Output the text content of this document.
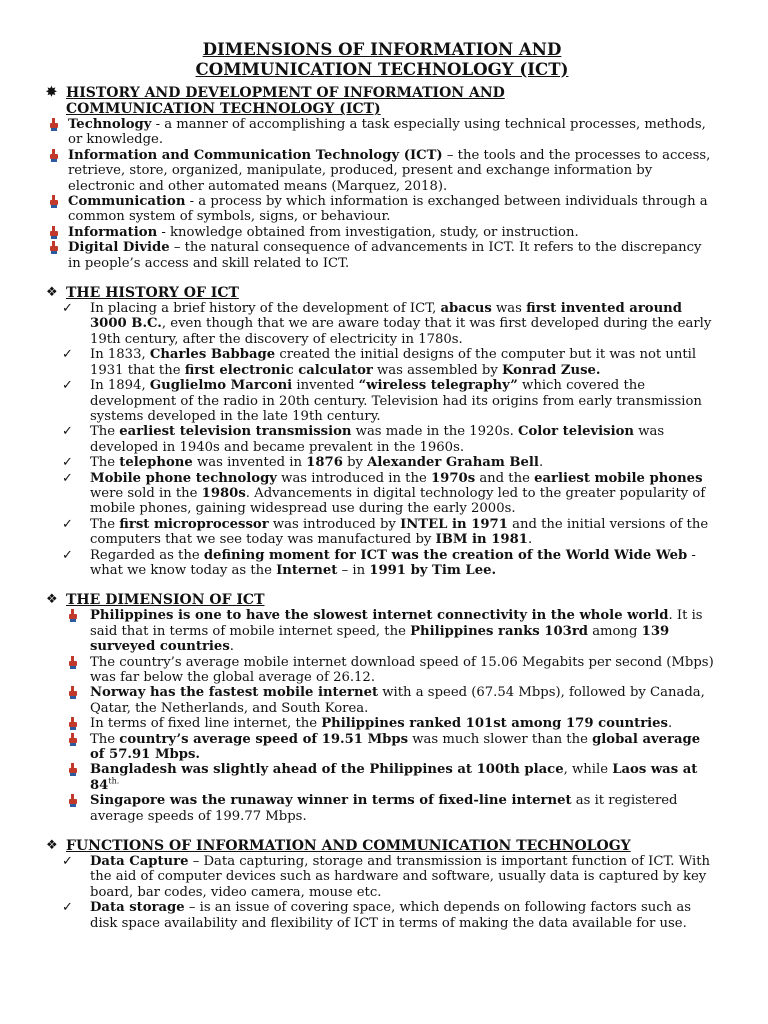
DIMENSIONS OF INFORMATION AND
COMMUNICATION TECHNOLOGY (ICT)
✸ HISTORY AND DEVELOPMENT OF INFORMATION AND
COMMUNICATION TECHNOLOGY (ICT)
Technology - a manner of accomplishing a task especially using technical processes, methods, or knowledge.
Information and Communication Technology (ICT) – the tools and the processes to access, retrieve, store, organized, manipulate, produced, present and exchange information by electronic and other automated means (Marquez, 2018).
Communication - a process by which information is exchanged between individuals through a common system of symbols, signs, or behaviour.
Information - knowledge obtained from investigation, study, or instruction.
Digital Divide – the natural consequence of advancements in ICT. It refers to the discrepancy in people’s access and skill related to ICT.
❖ THE HISTORY OF ICT
✓ In placing a brief history of the development of ICT, abacus was first invented around 3000 B.C., even though that we are aware today that it was first developed during the early 19th century, after the discovery of electricity in 1780s.
✓ In 1833, Charles Babbage created the initial designs of the computer but it was not until 1931 that the first electronic calculator was assembled by Konrad Zuse.
✓ In 1894, Guglielmo Marconi invented “wireless telegraphy” which covered the development of the radio in 20th century. Television had its origins from early transmission systems developed in the late 19th century.
✓ The earliest television transmission was made in the 1920s. Color television was developed in 1940s and became prevalent in the 1960s.
✓ The telephone was invented in 1876 by Alexander Graham Bell.
✓ Mobile phone technology was introduced in the 1970s and the earliest mobile phones were sold in the 1980s. Advancements in digital technology led to the greater popularity of mobile phones, gaining widespread use during the early 2000s.
✓ The first microprocessor was introduced by INTEL in 1971 and the initial versions of the computers that we see today was manufactured by IBM in 1981.
✓ Regarded as the defining moment for ICT was the creation of the World Wide Web - what we know today as the Internet – in 1991 by Tim Lee.
❖ THE DIMENSION OF ICT
Philippines is one to have the slowest internet connectivity in the whole world. It is said that in terms of mobile internet speed, the Philippines ranks 103rd among 139 surveyed countries.
The country’s average mobile internet download speed of 15.06 Megabits per second (Mbps) was far below the global average of 26.12.
Norway has the fastest mobile internet with a speed (67.54 Mbps), followed by Canada, Qatar, the Netherlands, and South Korea.
In terms of fixed line internet, the Philippines ranked 101st among 179 countries.
The country’s average speed of 19.51 Mbps was much slower than the global average of 57.91 Mbps.
Bangladesh was slightly ahead of the Philippines at 100th place, while Laos was at $84^{th.}$
Singapore was the runaway winner in terms of fixed-line internet as it registered average speeds of 199.77 Mbps.
❖ FUNCTIONS OF INFORMATION AND COMMUNICATION TECHNOLOGY
✓ Data Capture – Data capturing, storage and transmission is important function of ICT. With the aid of computer devices such as hardware and software, usually data is captured by key board, bar codes, video camera, mouse etc.
✓ Data storage – is an issue of covering space, which depends on following factors such as disk space availability and flexibility of ICT in terms of making the data available for use.
